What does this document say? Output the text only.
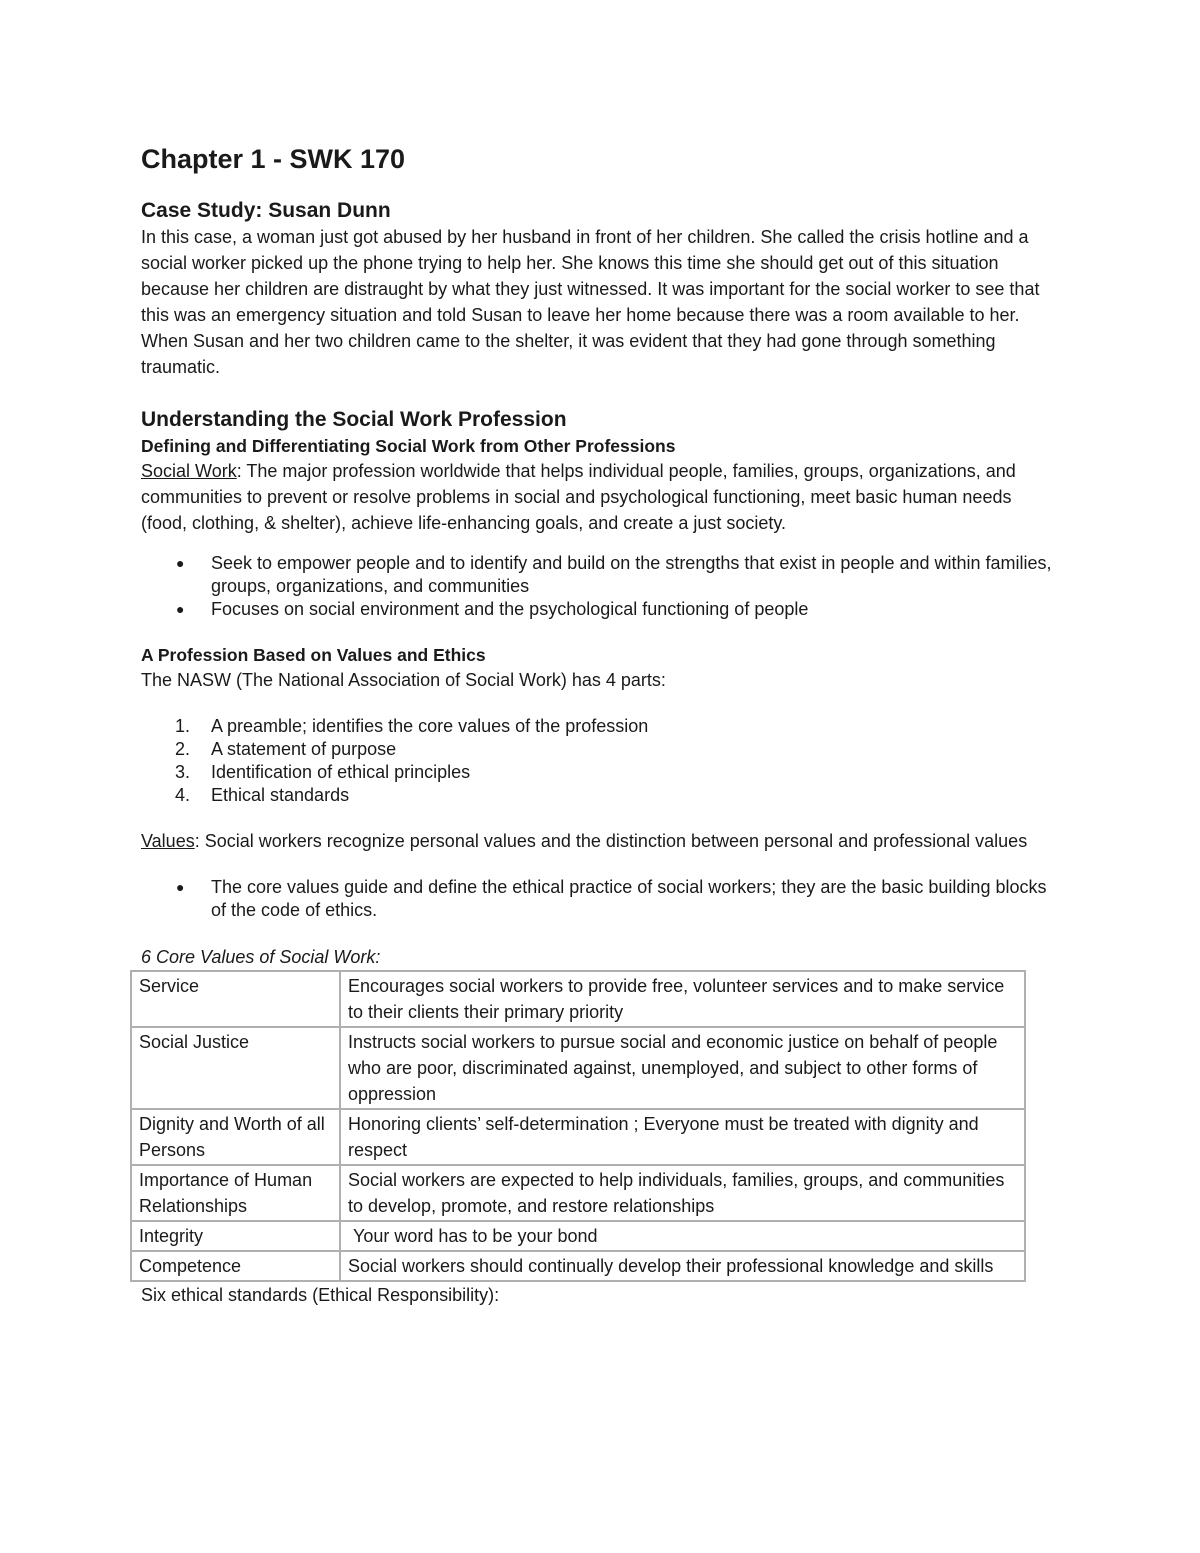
Chapter 1 - SWK 170
Case Study: Susan Dunn

In this case, a woman just got abused by her husband in front of her children. She called the crisis hotline and a social worker picked up the phone trying to help her. She knows this time she should get out of this situation because her children are distraught by what they just witnessed. It was important for the social worker to see that this was an emergency situation and told Susan to leave her home because there was a room available to her. When Susan and her two children came to the shelter, it was evident that they had gone through something traumatic.

Understanding the Social Work Profession
Defining and Differentiating Social Work from Other Professions

Social Work: The major profession worldwide that helps individual people, families, groups, organizations, and communities to prevent or resolve problems in social and psychological functioning, meet basic human needs (food, clothing, & shelter), achieve life-enhancing goals, and create a just society.

● Seek to empower people and to identify and build on the strengths that exist in people and within families, groups, organizations, and communities
● Focuses on social environment and the psychological functioning of people
A Profession Based on Values and Ethics

The NASW (The National Association of Social Work) has 4 parts:

1. A preamble; identifies the core values of the profession
2. A statement of purpose
3. Identification of ethical principles
4. Ethical standards

Values: Social workers recognize personal values and the distinction between personal and professional values

● The core values guide and define the ethical practice of social workers; they are the basic building blocks of the code of ethics.

6 Core Values of Social Work:

Service	Encourages social workers to provide free, volunteer services and to make service to their clients their primary priority
Social Justice	Instructs social workers to pursue social and economic justice on behalf of people who are poor, discriminated against, unemployed, and subject to other forms of oppression
Dignity and Worth of all Persons	Honoring clients’ self-determination ; Everyone must be treated with dignity and respect
Importance of Human Relationships	Social workers are expected to help individuals, families, groups, and communities to develop, promote, and restore relationships
Integrity	Your word has to be your bond
Competence	Social workers should continually develop their professional knowledge and skills

Six ethical standards (Ethical Responsibility):
